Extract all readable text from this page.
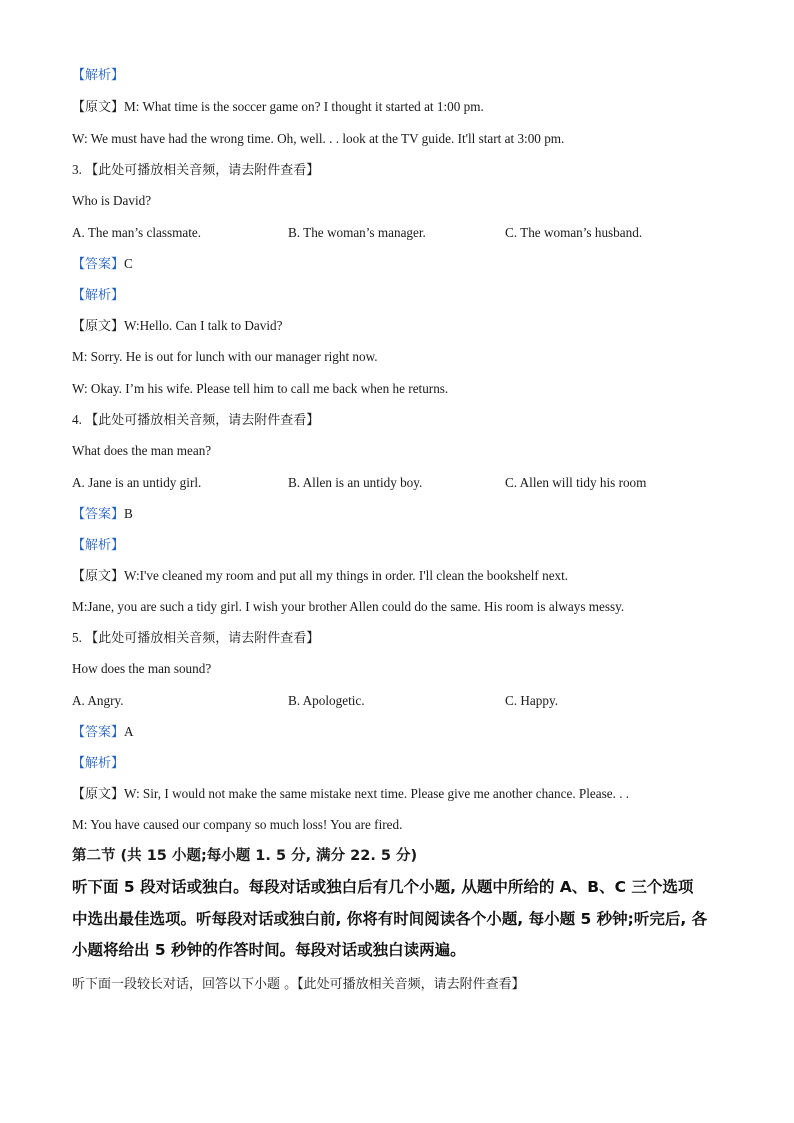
【解析】
【原文】M: What time is the soccer game on? I thought it started at 1:00 pm.
W: We must have had the wrong time. Oh, well. . . look at the TV guide. It'll start at 3:00 pm.
3. 【此处可播放相关音频，请去附件查看】
Who is David?
A. The man’s classmate.	B. The woman’s manager.	C. The woman’s husband.
【答案】C
【解析】
【原文】W:Hello. Can I talk to David?
M: Sorry. He is out for lunch with our manager right now.
W: Okay. I’m his wife. Please tell him to call me back when he returns.
4. 【此处可播放相关音频，请去附件查看】
What does the man mean?
A. Jane is an untidy girl.	B. Allen is an untidy boy.	C. Allen will tidy his room
【答案】B
【解析】
【原文】W:I've cleaned my room and put all my things in order. I'll clean the bookshelf next.
M:Jane, you are such a tidy girl. I wish your brother Allen could do the same. His room is always messy.
5. 【此处可播放相关音频，请去附件查看】
How does the man sound?
A. Angry.	B. Apologetic.	C. Happy.
【答案】A
【解析】
【原文】W: Sir, I would not make the same mistake next time. Please give me another chance. Please. . .
M: You have caused our company so much loss! You are fired.
第二节 (共 15 小题;每小题 1. 5 分, 满分 22. 5 分)
听下面 5 段对话或独白。每段对话或独白后有几个小题, 从题中所给的 A、B、C 三个选项
中选出最佳选项。听每段对话或独白前, 你将有时间阅读各个小题, 每小题 5 秒钟;听完后, 各
小题将给出 5 秒钟的作答时间。每段对话或独白读两遍。
听下面一段较长对话，回答以下小题 。【此处可播放相关音频，请去附件查看】
